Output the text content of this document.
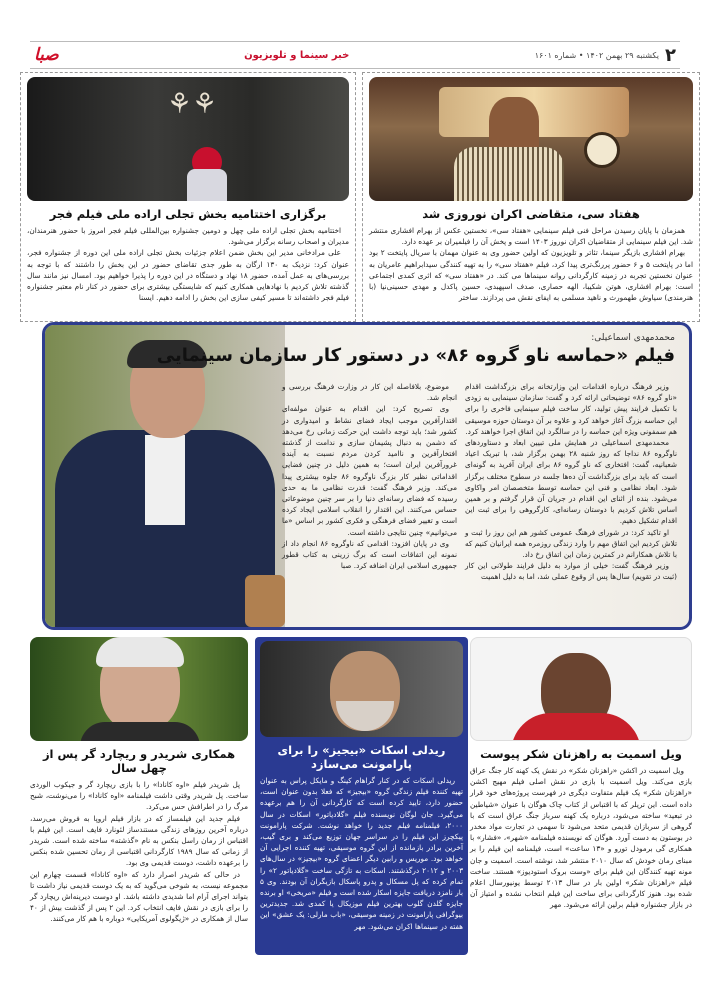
۲
یکشنبه ۲۹ بهمن ۱۴۰۲ • شماره ۱۶۰۱
خبر سینما و تلویزیون
صبا
هفتاد سی، متقاضی اکران نوروزی شد

همزمان با پایان رسیدن مراحل فنی فیلم سینمایی «هفتاد سی»، نخستین عکس از بهرام افشاری منتشر شد. این فیلم سینمایی از متقاضیان اکران نوروز ۱۴۰۳ است و پخش آن را فیلمیران بر عهده دارد.

بهرام افشاری بازیگر سینما، تئاتر و تلویزیون که اولین حضور وی به عنوان مهمان با سریال پایتخت ۲ بود اما در پایتخت ۵ و ۶ حضور پررنگ‌تری پیدا کرد، فیلم «هفتاد سی» را به تهیه کنندگی سیدابراهیم عامریان به عنوان نخستین تجربه در زمینه کارگردانی روانه سینماها می کند. در «هفتاد سی» که اثری کمدی اجتماعی است: بهرام افشاری، هوتن شکیبا، الهه حصاری، صدف اسپهبدی، حسین پاکدل و مهدی حسینی‌نیا (با هنرمندی) سیاوش طهمورث و ناهید مسلمی به ایفای نقش می پردازند. ساختر

⚘⚘
برگزاری اختتامیه بخش تجلی اراده ملی فیلم فجر

اختتامیه بخش تجلی اراده ملی چهل و دومین جشنواره بین‌المللی فیلم فجر امروز با حضور هنرمندان، مدیران و اصحاب رسانه برگزار می‌شود.

علی مرادخانی مدیر این بخش ضمن اعلام جزئیات بخش تجلی اراده ملی این دوره از جشنواره فجر، عنوان کرد: نزدیک به ۱۳۰ ارگان به طور جدی تقاضای حضور در این بخش را داشتند که با توجه به بررسی‌های به عمل آمده، حضور ۱۸ نهاد و دستگاه در این دوره را پذیرا خواهیم بود. امسال نیز مانند سال گذشته تلاش کردیم با نهادهایی همکاری کنیم که شایستگی بیشتری برای حضور در کنار نام معتبر جشنواره فیلم فجر داشته‌اند تا مسیر کیفی سازی این بخش را ادامه دهیم. ایسنا

محمدمهدی اسماعیلی:
فیلم «حماسه ناو گروه ۸۶» در دستور کار سازمان سینمایی

وزیر فرهنگ درباره اقدامات این وزارتخانه برای بزرگداشت اقدام «ناو گروه ۸۶» توضیحاتی ارائه کرد و گفت: سازمان سینمایی به زودی با تکمیل فرایند پیش تولید، کار ساخت فیلم سینمایی فاخری را برای این حماسه بزرگ آغاز خواهد کرد و علاوه بر آن دوستان حوزه موسیقی هم سمفونی ویژه این حماسه را در سالگرد این اتفاق اجرا خواهند کرد.

محمدمهدی اسماعیلی در همایش ملی تبیین ابعاد و دستاوردهای ناوگروه ۸۶ نداجا که روز شنبه ۲۸ بهمن برگزار شد، با تبریک اعیاد شعبانیه، گفت: افتخاری که ناو گروه ۸۶ برای ایران آفرید به گونه‌ای است که باید برای بزرگداشت آن ده‌ها جلسه در سطوح مختلف برگزار شود. ابعاد نظامی و فنی این حماسه توسط متخصصان امر واکاوی می‌شود. بنده از اثنای این اقدام در جریان آن قرار گرفتم و بر همین اساس تلاش کردیم با دوستان رسانه‌ای، کارگروهی را برای ثبت این اقدام تشکیل دهیم.

او تاکید کرد: در شورای فرهنگ عمومی کشور هم این روز را ثبت و تلاش کردیم این اتفاق مهم را وارد زندگی روزمره همه ایرانیان کنیم که با تلاش همکارانم در کمترین زمان این اتفاق رخ داد.

وزیر فرهنگ گفت: خیلی از موارد به دلیل فرایند طولانی این کار (ثبت در تقویم) سال‌ها پس از وقوع عملی شد، اما به دلیل اهمیت

موضوع، بلافاصله این کار در وزارت فرهنگ بررسی و انجام شد.

وی تصریح کرد: این اقدام به عنوان مولفه‌ای اقتدارآفرین موجب ایجاد فضای نشاط و امیدواری در کشور شد؛ باید توجه داشت این حرکت زمانی رخ می‌دهد که دشمن به دنبال پشیمان سازی و ندامت از گذشته افتخارآفرین و ناامید کردن مردم نسبت به آینده غرورآفرین ایران است؛ به همین دلیل در چنین فضایی اقداماتی نظیر کار بزرگ ناوگروه ۸۶ جلوه بیشتری پیدا می‌کند. وزیر فرهنگ گفت: قدرت نظامی ما به حدی رسیده که فضای رسانه‌ای دنیا را بر سر چنین موضوعاتی حساس می‌کنند. این اقتدار را انقلاب اسلامی ایجاد کرده است و تغییر فضای فرهنگی و فکری کشور بر اساس «ما می‌توانیم» چنین نتایجی داشته است.

وی در پایان افزود: اقدامی که ناوگروه ۸۶ انجام داد از نمونه این اتفاقات است که برگ زرینی به کتاب قطور جمهوری اسلامی ایران اضافه کرد. صبا

ویل اسمیت به راهزنان شکر پیوست

ویل اسمیت در اکشن «راهزنان شکر» در نقش یک کهنه کار جنگ عراق بازی می‌کند. ویل اسمیت با بازی در نقش اصلی فیلم مهیج اکشن «راهزنان شکر» یک فیلم متفاوت دیگری در فهرست پروژه‌های خود قرار داده است. این تریلر که با اقتباس از کتاب چاک هوگان با عنوان «شیاطین در تبعید» ساخته می‌شود، درباره یک کهنه سرباز جنگ عراق است که با گروهی از سربازان قدیمی متحد می‌شود تا سهمی در تجارت مواد مخدر در بوستون به دست آورد. هوگان که نویسنده فیلمنامه «شهر»، «فشار» با همکاری گی برمودل تورو و «۱۳ ساعت» است، فیلمنامه این فیلم را بر مبنای رمان خودش که سال ۲۰۱۰ منتشر شد، نوشته است. اسمیت و جان مونه تهیه کنندگان این فیلم برای «وست بروک استودیوز» هستند. ساخت فیلم «راهزنان شکر» اولین بار در سال ۲۰۱۳ توسط یونیورسال اعلام شده بود. هنوز کارگردانی برای ساخت این فیلم انتخاب نشده و امتیاز آن در بازار جشنواره فیلم برلین ارائه می‌شود. مهر

ریدلی اسکات «بیجیز» را برای پارامونت می‌سازد

ریدلی اسکات که در کنار گراهام کینگ و مایکل پراس به عنوان تهیه کننده فیلم زندگی گروه «بیجیز» که فعلا بدون عنوان است، حضور دارد، تایید کرده است که کارگردانی آن را هم برعهده می‌گیرد. جان لوگان نویسنده فیلم «گلادیاتور» اسکات در سال ۲۰۰۰، فیلمنامه فیلم جدید را خواهد نوشت. شرکت پارامونت پیکچرز این فیلم را در سراسر جهان توزیع می‌کند و بری گیب، آخرین برادر بازمانده از این گروه موسیقی، تهیه کننده اجرایی آن خواهد بود. موریس و رابین دیگر اعضای گروه «بیجیز» در سال‌های ۲۰۰۳ و ۲۰۱۲ درگذشتند. اسکات به تازگی ساخت «گلادیاتور ۲» را تمام کرده که پل مسکال و پدرو پاسکال بازیگران آن بودند. وی ۵ بار نامزد دریافت جایزه اسکار شده است و فیلم «مریخی» او برنده جایزه گلدن گلوب بهترین فیلم موزیکال یا کمدی شد. جدیدترین بیوگرافی پارامونت در زمینه موسیقی، «باب مارلی: یک عشق» این هفته در سینماها اکران می‌شود. مهر

همکاری شریدر و ریچارد گر پس از چهل سال

پل شریدر فیلم «اوه کانادا» را با بازی ریچارد گر و جیکوب الوردی ساخت. پل شریدر وقتی داشت فیلمنامه «اوه کانادا» را می‌نوشت، شبح مرگ را در اطرافش حس می‌کرد.

فیلم جدید این فیلمساز که در بازار فیلم اروپا به فروش می‌رسد، درباره آخرین روزهای زندگی مستندساز لئونارد فایف است. این فیلم با اقتباس از رمان راسل بنکس به نام «گذشته» ساخته شده است. شریدر از زمانی که سال ۱۹۸۹ کارگردانی اقتباسی از رمان تحسین شده بنکس را برعهده داشت، دوست قدیمی وی بود.

در حالی که شریدر اصرار دارد که «اوه کانادا» قسمت چهارم این مجموعه نیست، به شوخی می‌گوید که به یک دوست قدیمی نیاز داشت تا بتواند اجرای آرام اما شدیدی داشته باشد. او دوست دیرینه‌اش ریچارد گر را برای بازی در نقش فایف انتخاب کرد. این ۲ پس از گذشت بیش از ۴۰ سال از همکاری در «ژیگولوی آمریکایی» دوباره با هم کار می‌کنند.
